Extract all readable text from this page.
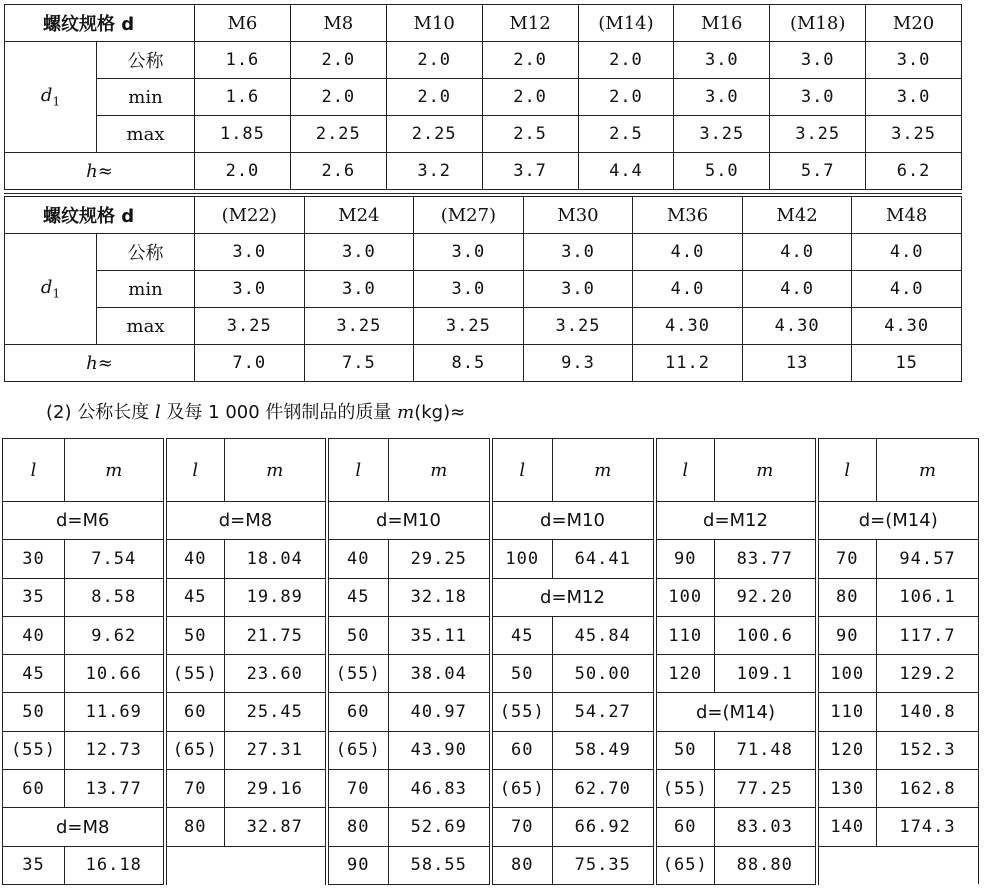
螺纹规格 d		M6	M8	M10	M12	(M14)	M16	(M18)	M20
$d_1$	公称	1.6	2.0	2.0	2.0	2.0	3.0	3.0	3.0
	min	1.6	2.0	2.0	2.0	2.0	3.0	3.0	3.0
	max	1.85	2.25	2.25	2.5	2.5	3.25	3.25	3.25
h≈		2.0	2.6	3.2	3.7	4.4	5.0	5.7	6.2
螺纹规格 d		(M22)	M24	(M27)	M30	M36	M42	M48
$d_1$	公称	3.0	3.0	3.0	3.0	4.0	4.0	4.0
	min	3.0	3.0	3.0	3.0	4.0	4.0	4.0
	max	3.25	3.25	3.25	3.25	4.30	4.30	4.30
h≈		7.0	7.5	8.5	9.3	11.2	13	15
(2) 公称长度 l 及每 1 000 件钢制品的质量 m(kg)≈
l	m	l	m	l	m	l	m	l	m	l	m
d=M6		d=M8		d=M10		d=M10		d=M12		d=(M14)	
30	7.54	40	18.04	40	29.25	100	64.41	90	83.77	70	94.57
35	8.58	45	19.89	45	32.18	d=M12		100	92.20	80	106.1
40	9.62	50	21.75	50	35.11	45	45.84	110	100.6	90	117.7
45	10.66	(55)	23.60	(55)	38.04	50	50.00	120	109.1	100	129.2
50	11.69	60	25.45	60	40.97	(55)	54.27	d=(M14)		110	140.8
(55)	12.73	(65)	27.31	(65)	43.90	60	58.49	50	71.48	120	152.3
60	13.77	70	29.16	70	46.83	(65)	62.70	(55)	77.25	130	162.8
d=M8		80	32.87	80	52.69	70	66.92	60	83.03	140	174.3
35	16.18			90	58.55	80	75.35	(65)	88.80		
